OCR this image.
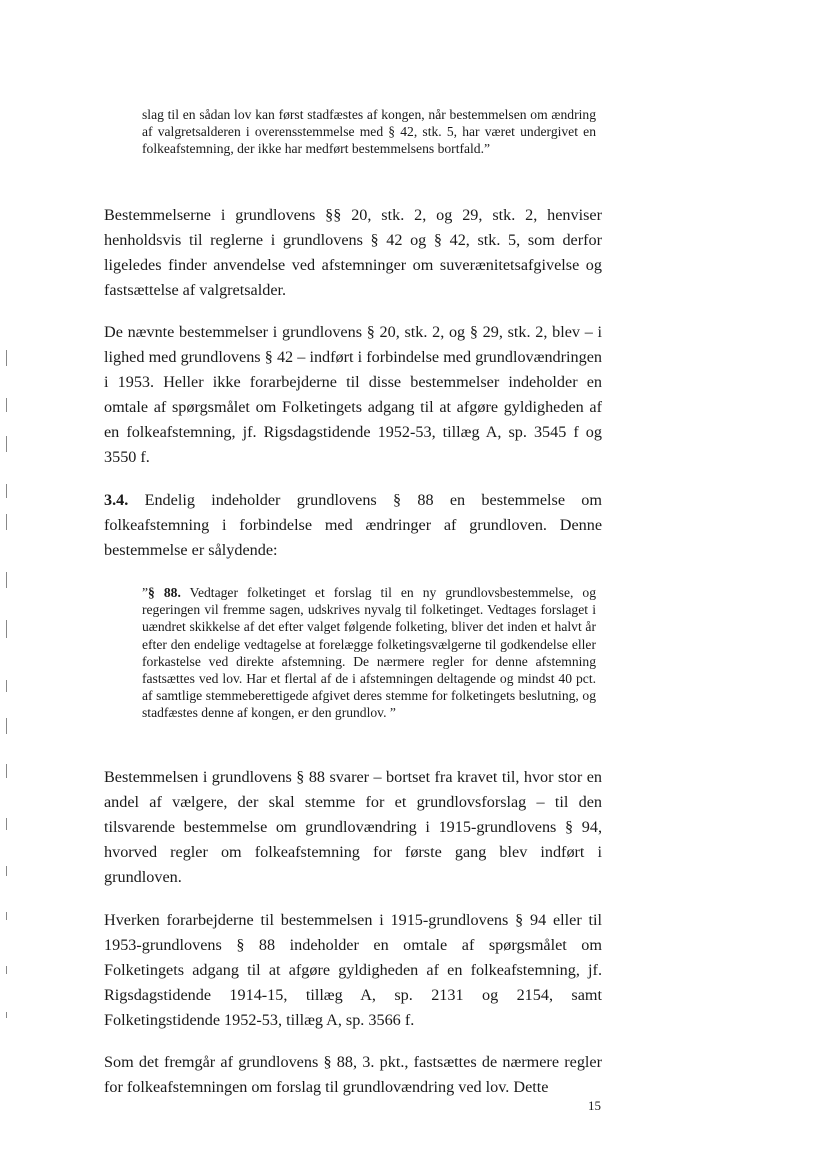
slag til en sådan lov kan først stadfæstes af kongen, når bestemmelsen om ændring af valgretsalderen i overensstemmelse med § 42, stk. 5, har været undergivet en folkeafstemning, der ikke har medført bestemmelsens bortfald.”

Bestemmelserne i grundlovens §§ 20, stk. 2, og 29, stk. 2, henviser henholdsvis til reglerne i grundlovens § 42 og § 42, stk. 5, som derfor ligeledes finder anvendelse ved afstemninger om suverænitetsafgivelse og fastsættelse af valgretsalder.

De nævnte bestemmelser i grundlovens § 20, stk. 2, og § 29, stk. 2, blev – i lighed med grundlovens § 42 – indført i forbindelse med grundlovændringen i 1953. Heller ikke forarbejderne til disse bestemmelser indeholder en omtale af spørgsmålet om Folketingets adgang til at afgøre gyldigheden af en folkeafstemning, jf. Rigsdagstidende 1952-53, tillæg A, sp. 3545 f og 3550 f.

3.4. Endelig indeholder grundlovens § 88 en bestemmelse om folkeafstemning i forbindelse med ændringer af grundloven. Denne bestemmelse er sålydende:

”§ 88. Vedtager folketinget et forslag til en ny grundlovsbestemmelse, og regeringen vil fremme sagen, udskrives nyvalg til folketinget. Vedtages forslaget i uændret skikkelse af det efter valget følgende folketing, bliver det inden et halvt år efter den endelige vedtagelse at forelægge folketingsvælgerne til godkendelse eller forkastelse ved direkte afstemning. De nærmere regler for denne afstemning fastsættes ved lov. Har et flertal af de i afstemningen deltagende og mindst 40 pct. af samtlige stemmeberettigede afgivet deres stemme for folketingets beslutning, og stadfæstes denne af kongen, er den grundlov. ”

Bestemmelsen i grundlovens § 88 svarer – bortset fra kravet til, hvor stor en andel af vælgere, der skal stemme for et grundlovsforslag – til den tilsvarende bestemmelse om grundlovændring i 1915-grundlovens § 94, hvorved regler om folkeafstemning for første gang blev indført i grundloven.

Hverken forarbejderne til bestemmelsen i 1915-grundlovens § 94 eller til 1953-grundlovens § 88 indeholder en omtale af spørgsmålet om Folketingets adgang til at afgøre gyldigheden af en folkeafstemning, jf. Rigsdagstidende 1914-15, tillæg A, sp. 2131 og 2154, samt Folketingstidende 1952-53, tillæg A, sp. 3566 f.

Som det fremgår af grundlovens § 88, 3. pkt., fastsættes de nærmere regler for folkeafstemningen om forslag til grundlovændring ved lov. Dette

15
